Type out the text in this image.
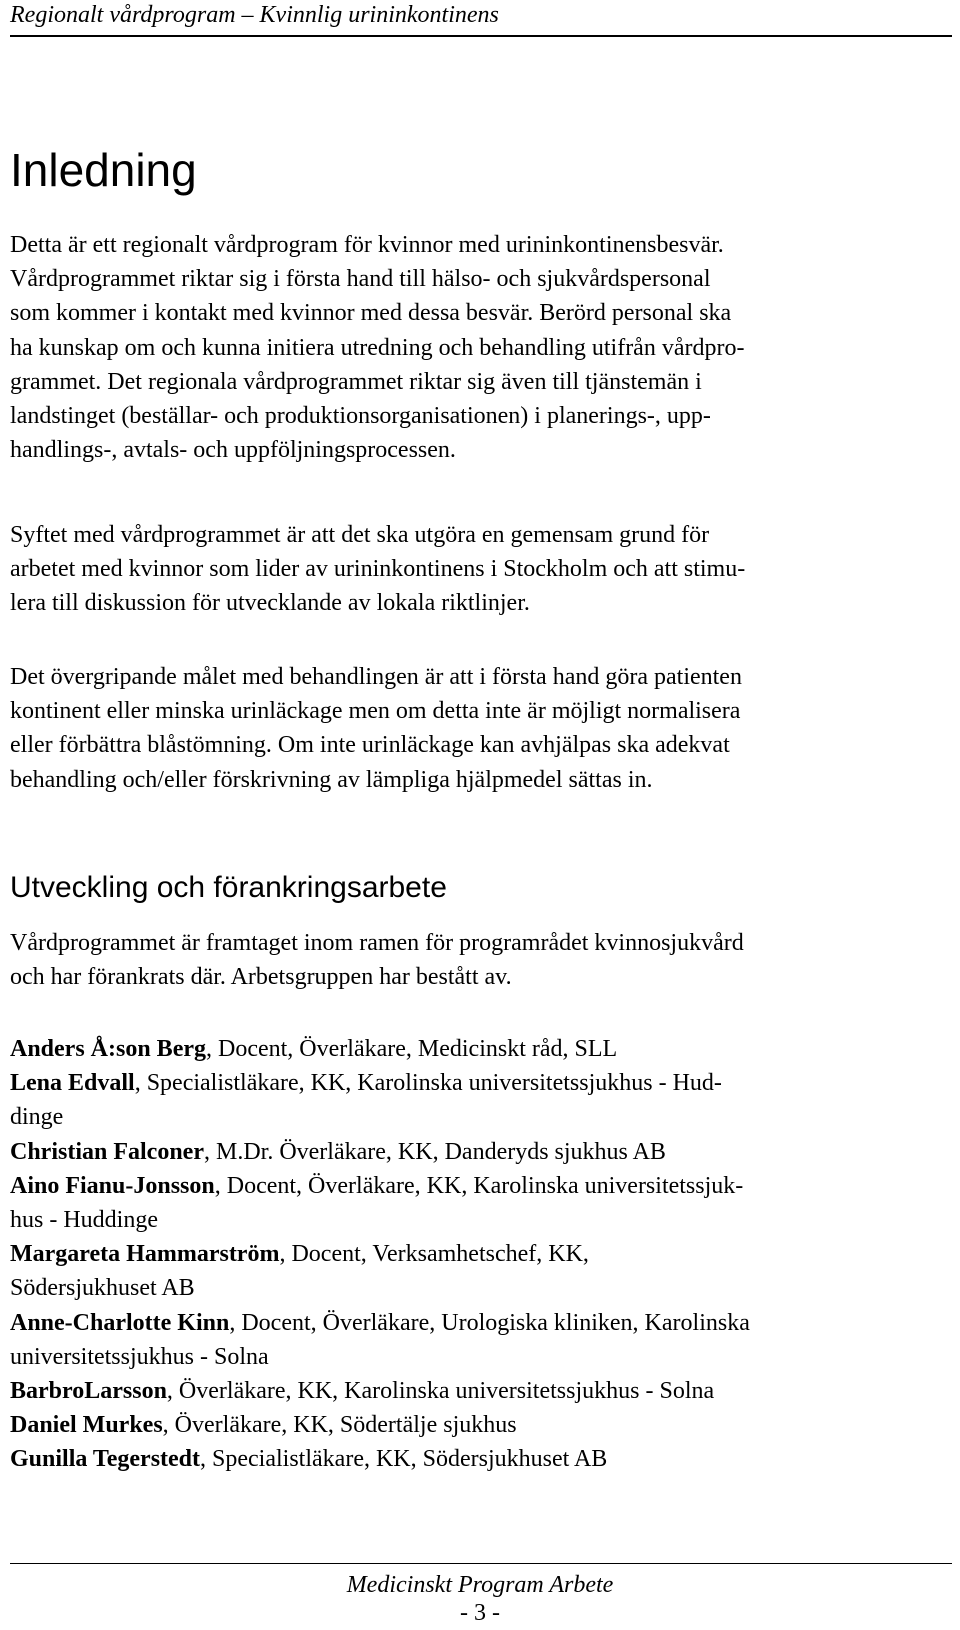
Regionalt vårdprogram – Kvinnlig urininkontinens
Inledning
Detta är ett regionalt vårdprogram för kvinnor med urininkontinensbesvär.
Vårdprogrammet riktar sig i första hand till hälso- och sjukvårdspersonal
som kommer i kontakt med kvinnor med dessa besvär. Berörd personal ska
ha kunskap om och kunna initiera utredning och behandling utifrån vårdpro-
grammet. Det regionala vårdprogrammet riktar sig även till tjänstemän i
landstinget (beställar- och produktionsorganisationen) i planerings-, upp-
handlings-, avtals- och uppföljningsprocessen.
Syftet med vårdprogrammet är att det ska utgöra en gemensam grund för
arbetet med kvinnor som lider av urininkontinens i Stockholm och att stimu-
lera till diskussion för utvecklande av lokala riktlinjer.
Det övergripande målet med behandlingen är att i första hand göra patienten
kontinent eller minska urinläckage men om detta inte är möjligt normalisera
eller förbättra blåstömning. Om inte urinläckage kan avhjälpas ska adekvat
behandling och/eller förskrivning av lämpliga hjälpmedel sättas in.
Utveckling och förankringsarbete
Vårdprogrammet är framtaget inom ramen för programrådet kvinnosjukvård
och har förankrats där. Arbetsgruppen har bestått av.
Anders Å:son Berg, Docent, Överläkare, Medicinskt råd, SLL
Lena Edvall, Specialistläkare, KK, Karolinska universitetssjukhus - Hud-
dinge
Christian Falconer, M.Dr. Överläkare, KK, Danderyds sjukhus AB
Aino Fianu-Jonsson, Docent, Överläkare, KK, Karolinska universitetssjuk-
hus - Huddinge
Margareta Hammarström, Docent, Verksamhetschef, KK,
Södersjukhuset AB
Anne-Charlotte Kinn, Docent, Överläkare, Urologiska kliniken, Karolinska
universitetssjukhus - Solna
BarbroLarsson, Överläkare, KK, Karolinska universitetssjukhus - Solna
Daniel Murkes, Överläkare, KK, Södertälje sjukhus
Gunilla Tegerstedt, Specialistläkare, KK, Södersjukhuset AB
Medicinskt Program Arbete
- 3 -
